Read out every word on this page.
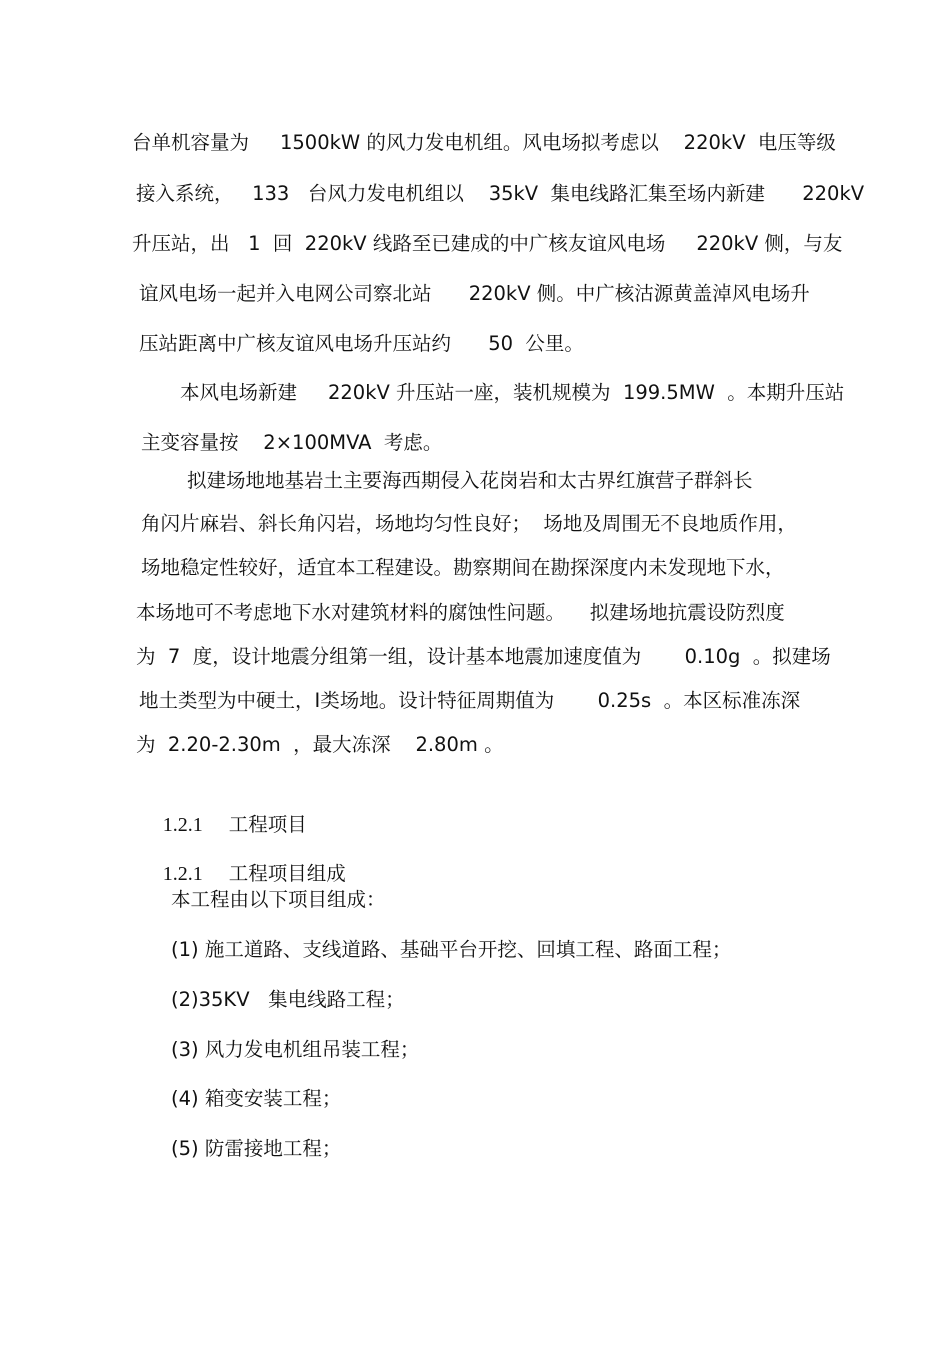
台单机容量为     1500kW 的风力发电机组。风电场拟考虑以    220kV  电压等级
接入系统，   133   台风力发电机组以    35kV  集电线路汇集至场内新建      220kV
升压站，出   1  回  220kV 线路至已建成的中广核友谊风电场     220kV 侧，与友
谊风电场一起并入电网公司察北站      220kV 侧。中广核沽源黄盖淖风电场升
压站距离中广核友谊风电场升压站约      50  公里。
本风电场新建     220kV 升压站一座，装机规模为  199.5MW  。本期升压站
主变容量按    2×100MVA  考虑。
拟建场地地基岩土主要海西期侵入花岗岩和太古界红旗营子群斜长
角闪片麻岩、斜长角闪岩，场地均匀性良好；  场地及周围无不良地质作用，
场地稳定性较好，适宜本工程建设。勘察期间在勘探深度内未发现地下水，
本场地可不考虑地下水对建筑材料的腐蚀性问题。    拟建场地抗震设防烈度
为  7  度，设计地震分组第一组，设计基本地震加速度值为       0.10g  。拟建场
地土类型为中硬土，Ⅰ类场地。设计特征周期值为       0.25s  。本区标准冻深
为  2.20-2.30m  ，最大冻深    2.80m 。

1.2.1 工程项目

1.2.1 工程项目组成

本工程由以下项目组成：
(1) 施工道路、支线道路、基础平台开挖、回填工程、路面工程；
(2)35KV   集电线路工程；
(3) 风力发电机组吊装工程；
(4) 箱变安装工程；
(5) 防雷接地工程；
